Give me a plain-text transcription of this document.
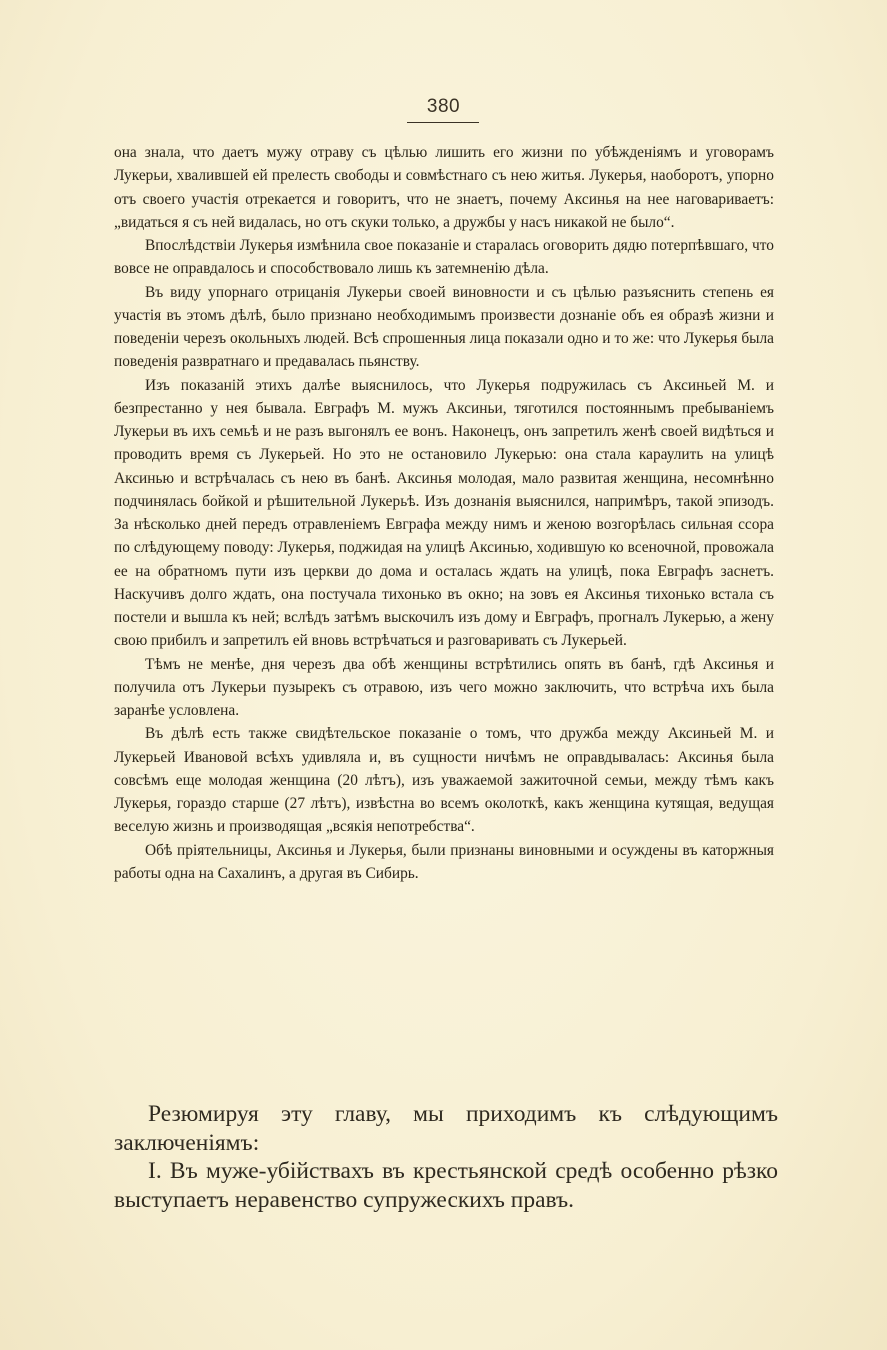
380

она знала, что даетъ мужу отраву съ цѣлью лишить его жизни по убѣжденіямъ и уговорамъ Лукерьи, хвалившей ей прелесть свободы и совмѣстнаго съ нею житья. Лукерья, наоборотъ, упорно отъ своего участія отрекается и говоритъ, что не знаетъ, почему Аксинья на нее наговариваетъ: „видаться я съ ней видалась, но отъ скуки только, а дружбы у насъ никакой не было“.

Впослѣдствіи Лукерья измѣнила свое показаніе и старалась оговорить дядю потерпѣвшаго, что вовсе не оправдалось и способствовало лишь къ затемненію дѣла.

Въ виду упорнаго отрицанія Лукерьи своей виновности и съ цѣлью разъяснить степень ея участія въ этомъ дѣлѣ, было признано необходимымъ произвести дознаніе объ ея образѣ жизни и поведеніи черезъ окольныхъ людей. Всѣ спрошенныя лица показали одно и то же: что Лукерья была поведенія развратнаго и предавалась пьянству.

Изъ показаній этихъ далѣе выяснилось, что Лукерья подружилась съ Аксиньей М. и безпрестанно у нея бывала. Евграфъ М. мужъ Аксиньи, тяготился постояннымъ пребываніемъ Лукерьи въ ихъ семьѣ и не разъ выгонялъ ее вонъ. Наконецъ, онъ запретилъ женѣ своей видѣться и проводить время съ Лукерьей. Но это не остановило Лукерью: она стала караулить на улицѣ Аксинью и встрѣчалась съ нею въ банѣ. Аксинья молодая, мало развитая женщина, несомнѣнно подчинялась бойкой и рѣшительной Лукерьѣ. Изъ дознанія выяснился, напримѣръ, такой эпизодъ. За нѣсколько дней передъ отравленіемъ Евграфа между нимъ и женою возгорѣлась сильная ссора по слѣдующему поводу: Лукерья, поджидая на улицѣ Аксинью, ходившую ко всеночной, провожала ее на обратномъ пути изъ церкви до дома и осталась ждать на улицѣ, пока Евграфъ заснетъ. Наскучивъ долго ждать, она постучала тихонько въ окно; на зовъ ея Аксинья тихонько встала съ постели и вышла къ ней; вслѣдъ затѣмъ выскочилъ изъ дому и Евграфъ, прогналъ Лукерью, а жену свою прибилъ и запретилъ ей вновь встрѣчаться и разговаривать съ Лукерьей.

Тѣмъ не менѣе, дня черезъ два обѣ женщины встрѣтились опять въ банѣ, гдѣ Аксинья и получила отъ Лукерьи пузырекъ съ отравою, изъ чего можно заключить, что встрѣча ихъ была заранѣе условлена.

Въ дѣлѣ есть также свидѣтельское показаніе о томъ, что дружба между Аксиньей М. и Лукерьей Ивановой всѣхъ удивляла и, въ сущности ничѣмъ не оправдывалась: Аксинья была совсѣмъ еще молодая женщина (20 лѣтъ), изъ уважаемой зажиточной семьи, между тѣмъ какъ Лукерья, гораздо старше (27 лѣтъ), извѣстна во всемъ околоткѣ, какъ женщина кутящая, ведущая веселую жизнь и производящая „всякія непотребства“.

Обѣ пріятельницы, Аксинья и Лукерья, были признаны виновными и осуждены въ каторжныя работы одна на Сахалинъ, а другая въ Сибирь.

Резюмируя эту главу, мы приходимъ къ слѣдующимъ заключеніямъ:

I. Въ муже-убійствахъ въ крестьянской средѣ особенно рѣзко выступаетъ неравенство супружескихъ правъ.
